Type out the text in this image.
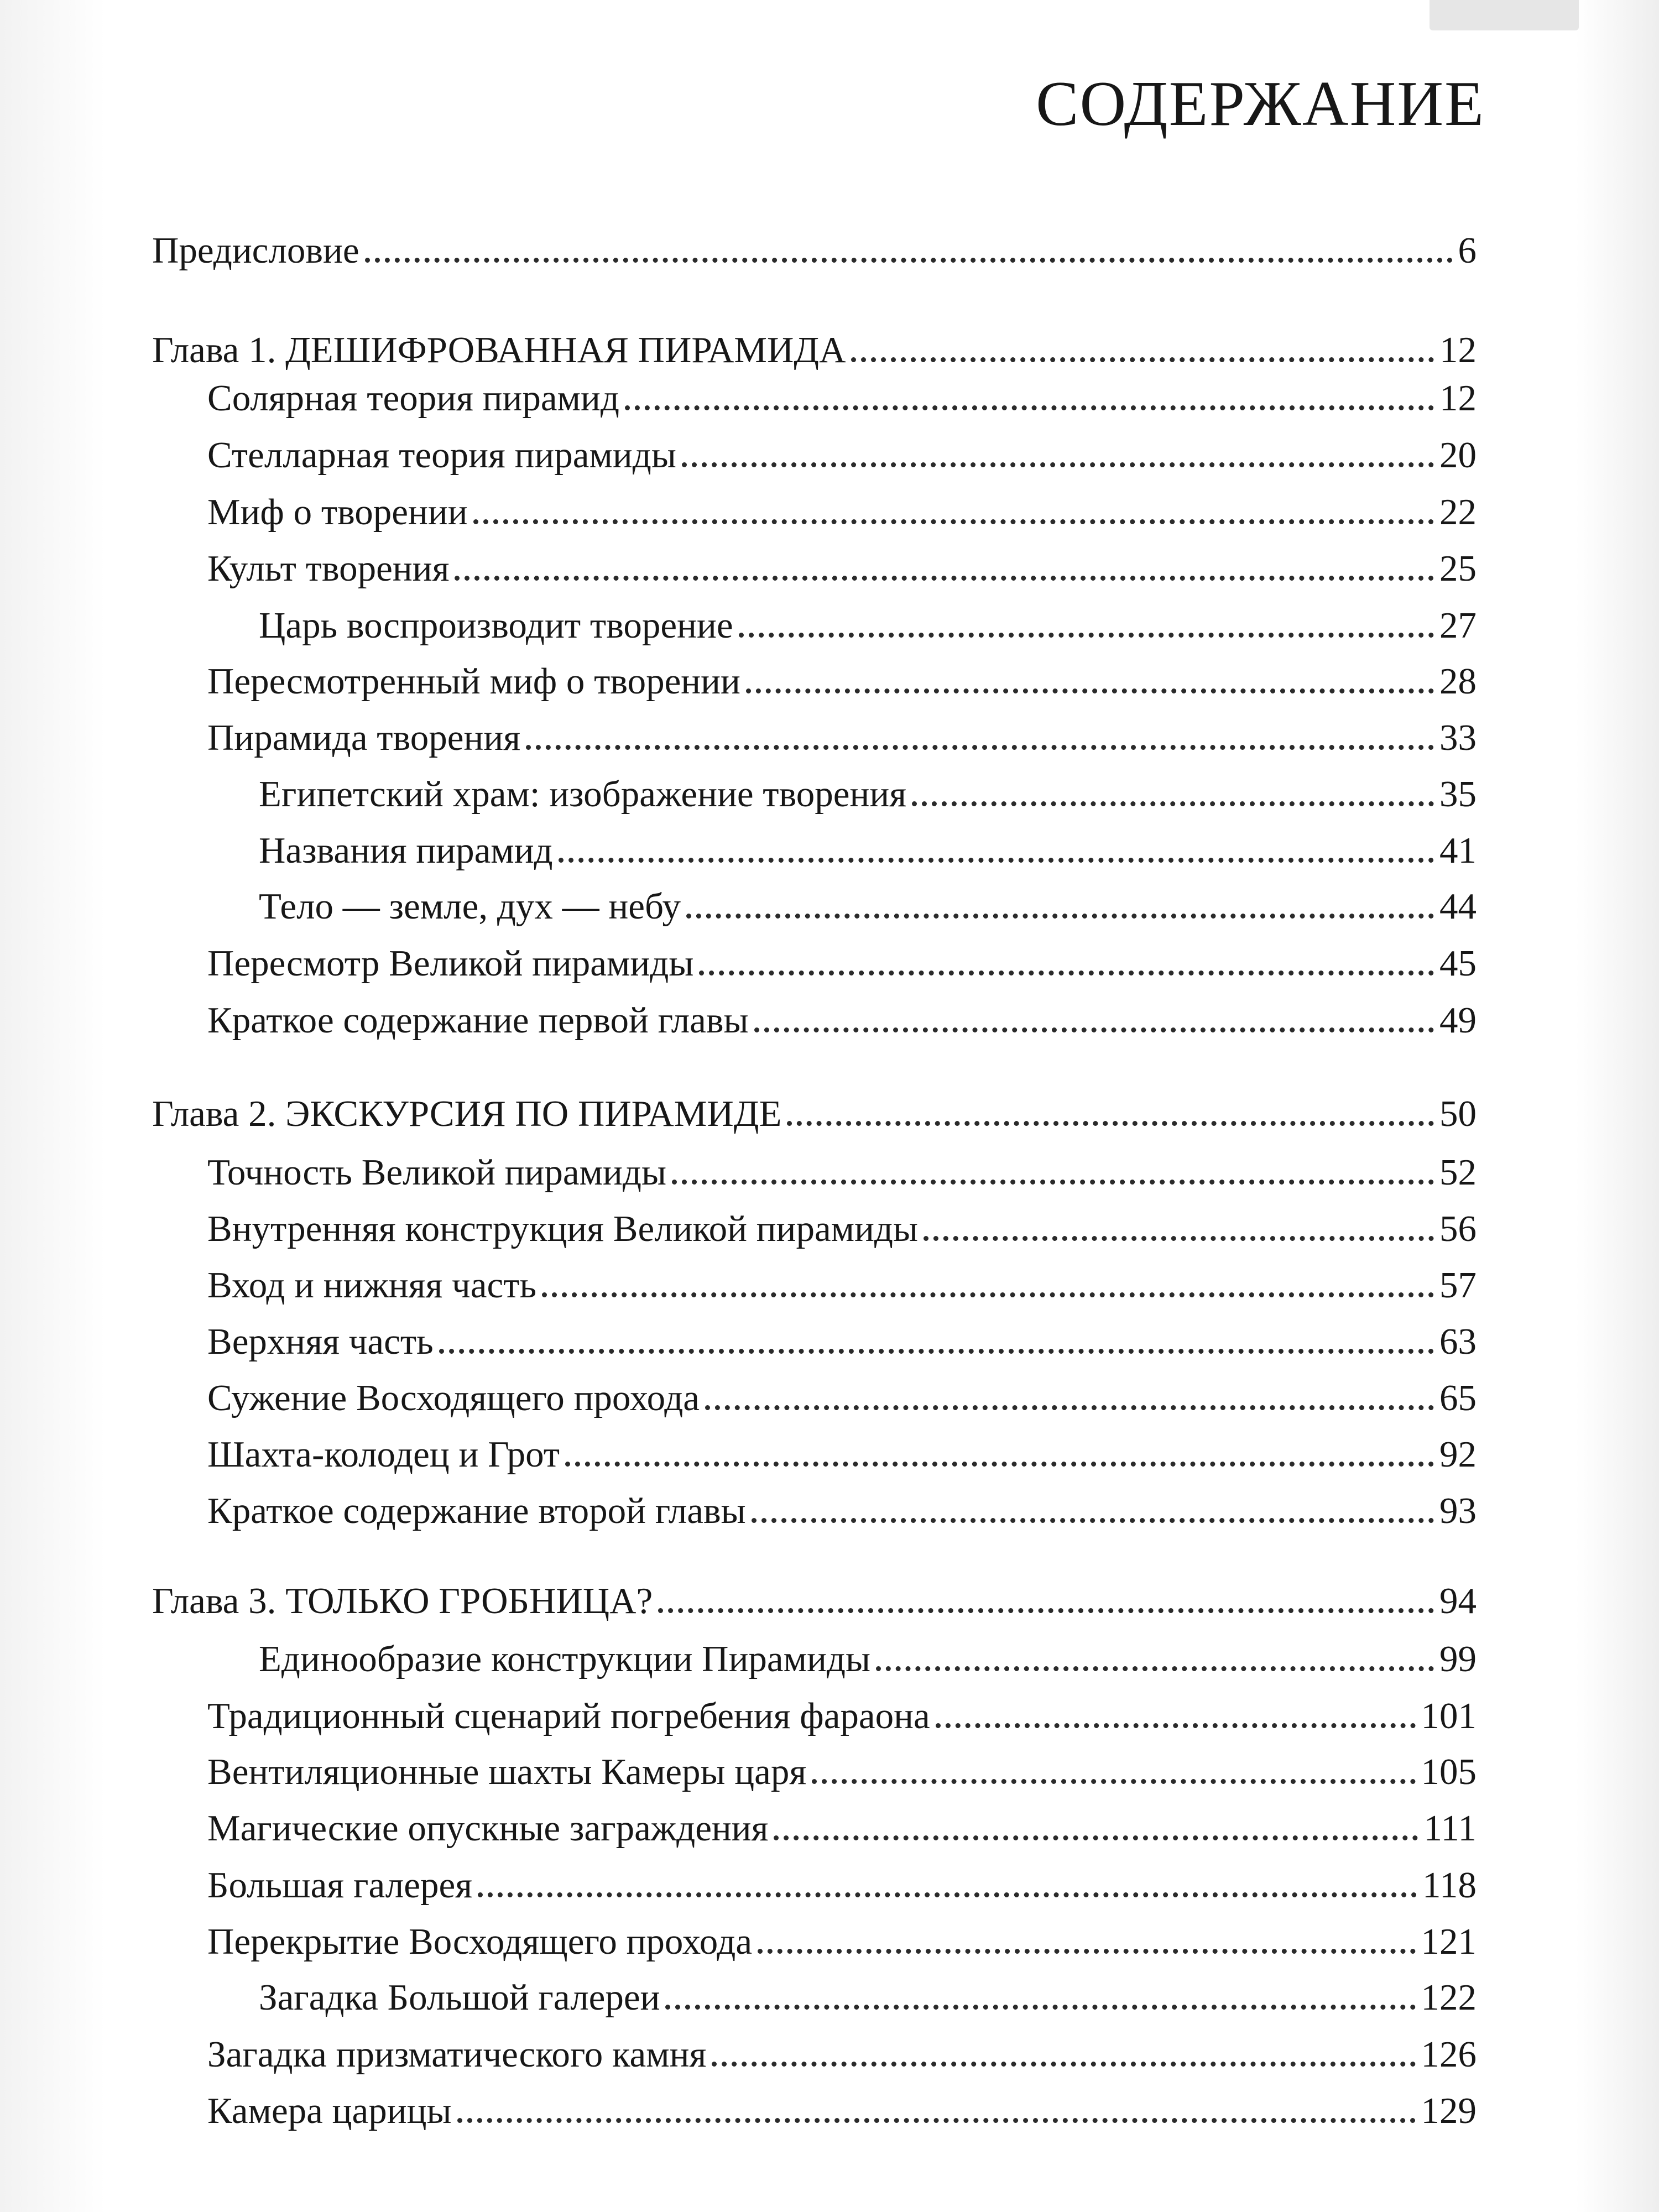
СОДЕРЖАНИЕ
Предисловие	6
Глава 1. ДЕШИФРОВАННАЯ ПИРАМИДА	12
Солярная теория пирамид	12
Стелларная теория пирамиды	20
Миф о творении	22
Культ творения	25
Царь воспроизводит творение	27
Пересмотренный миф о творении	28
Пирамида творения	33
Египетский храм: изображение творения	35
Названия пирамид	41
Тело — земле, дух — небу	44
Пересмотр Великой пирамиды	45
Краткое содержание первой главы	49
Глава 2. ЭКСКУРСИЯ ПО ПИРАМИДЕ	50
Точность Великой пирамиды	52
Внутренняя конструкция Великой пирамиды	56
Вход и нижняя часть	57
Верхняя часть	63
Сужение Восходящего прохода	65
Шахта-колодец и Грот	92
Краткое содержание второй главы	93
Глава 3. ТОЛЬКО ГРОБНИЦА?	94
Единообразие конструкции Пирамиды	99
Традиционный сценарий погребения фараона	101
Вентиляционные шахты Камеры царя	105
Магические опускные заграждения	111
Большая галерея	118
Перекрытие Восходящего прохода	121
Загадка Большой галереи	122
Загадка призматического камня	126
Камера царицы	129
